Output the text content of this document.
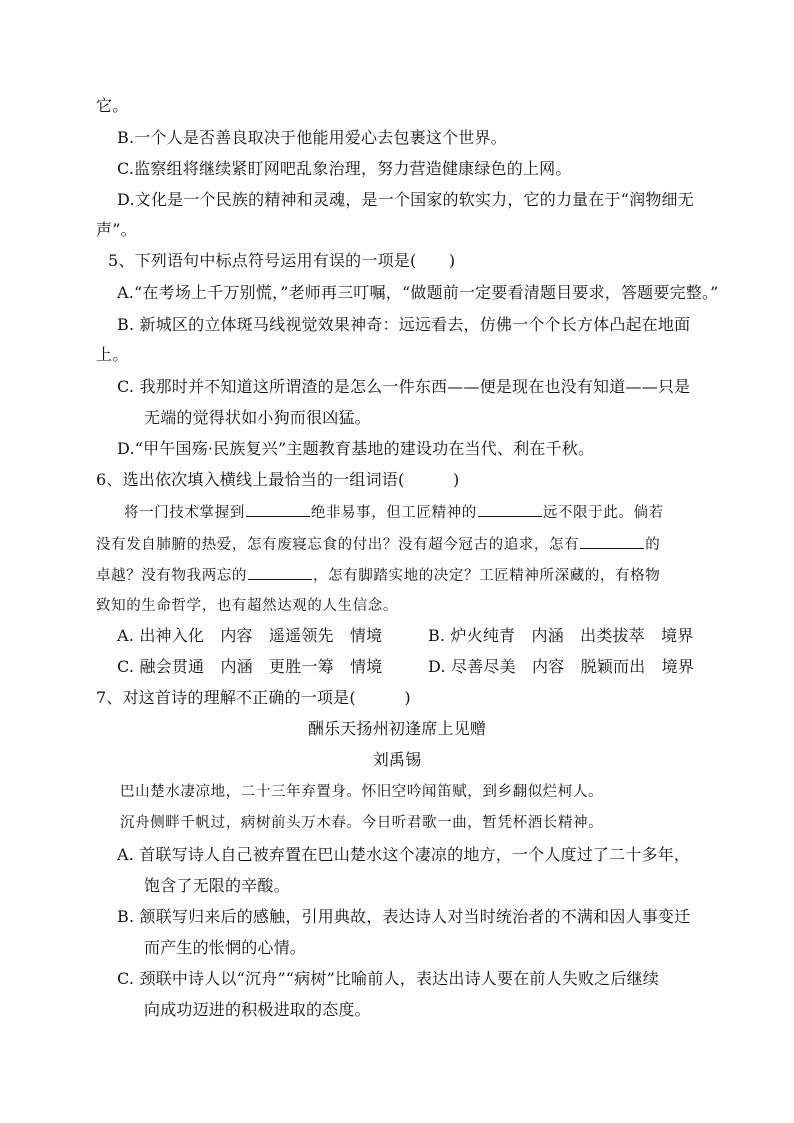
它。
B.一个人是否善良取决于他能用爱心去包裹这个世界。
C.监察组将继续紧盯网吧乱象治理，努力营造健康绿色的上网。
D.文化是一个民族的精神和灵魂，是一个国家的软实力，它的力量在于“润物细无
声”。
5、下列语句中标点符号运用有误的一项是(　　)
A.“在考场上千万别慌，”老师再三叮嘱，“做题前一定要看清题目要求，答题要完整。”
B. 新城区的立体斑马线视觉效果神奇：远远看去，仿佛一个个长方体凸起在地面
上。
C. 我那时并不知道这所谓渣的是怎么一件东西——便是现在也没有知道——只是
无端的觉得状如小狗而很凶猛。
D.“甲午国殇·民族复兴”主题教育基地的建设功在当代、利在千秋。
6、选出依次填入横线上最恰当的一组词语(　　　)
将一门技术掌握到	绝非易事，但工匠精神的	远不限于此。倘若
没有发自肺腑的热爱，怎有废寝忘食的付出？没有超今冠古的追求，怎有	的
卓越？没有物我两忘的	，怎有脚踏实地的决定？工匠精神所深藏的，有格物
致知的生命哲学，也有超然达观的人生信念。
A. 出神入化　内容　遥遥领先　情境	B. 炉火纯青　内涵　出类拔萃　境界
C. 融会贯通　内涵　更胜一筹　情境	D. 尽善尽美　内容　脱颖而出　境界
7、对这首诗的理解不正确的一项是(　　　)
酬乐天扬州初逢席上见赠
刘禹锡
巴山楚水凄凉地，二十三年弃置身。怀旧空吟闻笛赋，到乡翻似烂柯人。
沉舟侧畔千帆过，病树前头万木春。今日听君歌一曲，暂凭杯酒长精神。
A. 首联写诗人自己被弃置在巴山楚水这个凄凉的地方，一个人度过了二十多年，
饱含了无限的辛酸。
B. 颔联写归来后的感触，引用典故，表达诗人对当时统治者的不满和因人事变迁
而产生的怅惘的心情。
C. 颈联中诗人以“沉舟”“病树”比喻前人，表达出诗人要在前人失败之后继续
向成功迈进的积极进取的态度。
